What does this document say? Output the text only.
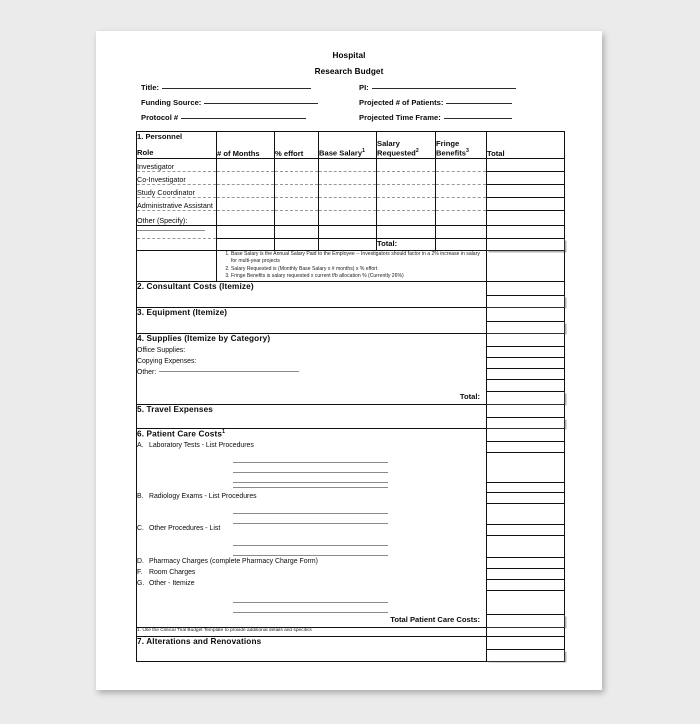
Hospital
Research Budget
Title:
Funding Source:
Protocol #
PI:
Projected # of Patients:
Projected Time Frame:
1. Personnel
Role	# of Months	% effort	Base Salary$^1$	Salary Requested$^2$	Fringe Benefits$^3$	Total
Investigator						
Co-Investigator						
Study Coordinator						
Administrative Assistant						
Other (Specify):						

				Total:		

1. Base Salary is the Annual Salary Paid to the Employee -- Investigators should factor in a 2% increase in salary for multi-year projects
2. Salary Requested is (Monthly Base Salary x # months) x % effort
3. Fringe Benefits is salary requested x current f/b allocation % (Currently 26%)

2. Consultant Costs (Itemize)						

3. Equipment (Itemize)						

4. Supplies (Itemize by Category)						
Office Supplies:						
Copying Expenses:						
Other:						

Total:						
5. Travel Expenses						

6. Patient Care Costs$^1$	
A. Laboratory Tests - List Procedures						

B. Radiology Exams - List Procedures						

C. Other Procedures - List						

D. Pharmacy Charges (complete Pharmacy Charge Form)						
F. Room Charges						
G. Other - Itemize						

Total Patient Care Costs:						
1. Use the Clinical Trial Budget Template to provide additional details and specifics						
7. Alterations and Renovations						
